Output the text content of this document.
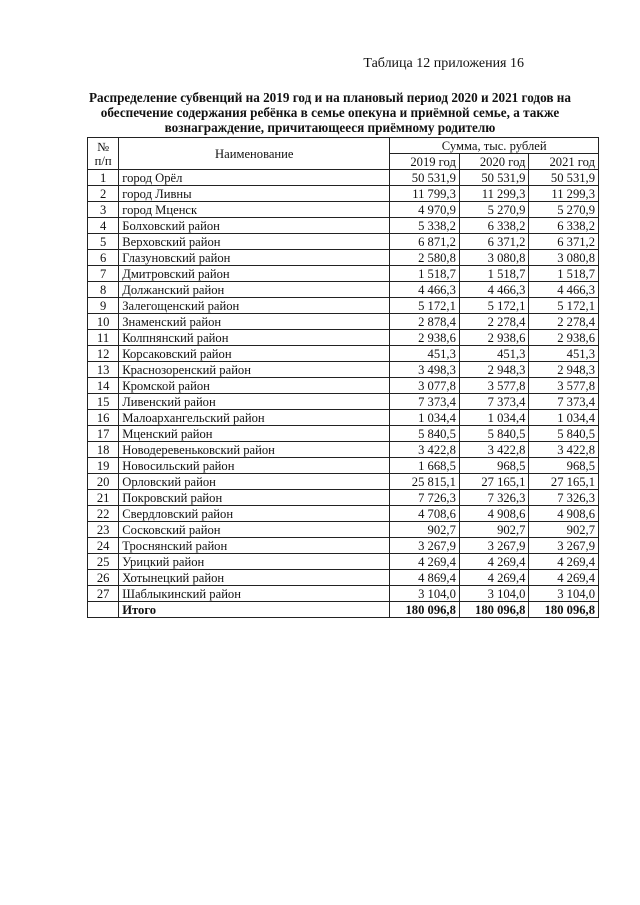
Таблица 12 приложения 16
Распределение субвенций на 2019 год и на плановый период 2020 и 2021 годов на
обеспечение содержания ребёнка в семье опекуна и приёмной семье, а также
вознаграждение, причитающееся приёмному родителю
№
п/п	Наименование	Сумма, тыс. рублей		
		2019 год	2020 год	2021 год
1	город Орёл	50 531,9	50 531,9	50 531,9
2	город Ливны	11 799,3	11 299,3	11 299,3
3	город Мценск	4 970,9	5 270,9	5 270,9
4	Болховский район	5 338,2	6 338,2	6 338,2
5	Верховский район	6 871,2	6 371,2	6 371,2
6	Глазуновский район	2 580,8	3 080,8	3 080,8
7	Дмитровский район	1 518,7	1 518,7	1 518,7
8	Должанский район	4 466,3	4 466,3	4 466,3
9	Залегощенский район	5 172,1	5 172,1	5 172,1
10	Знаменский район	2 878,4	2 278,4	2 278,4
11	Колпнянский район	2 938,6	2 938,6	2 938,6
12	Корсаковский район	451,3	451,3	451,3
13	Краснозоренский район	3 498,3	2 948,3	2 948,3
14	Кромской район	3 077,8	3 577,8	3 577,8
15	Ливенский район	7 373,4	7 373,4	7 373,4
16	Малоархангельский район	1 034,4	1 034,4	1 034,4
17	Мценский район	5 840,5	5 840,5	5 840,5
18	Новодеревеньковский район	3 422,8	3 422,8	3 422,8
19	Новосильский район	1 668,5	968,5	968,5
20	Орловский район	25 815,1	27 165,1	27 165,1
21	Покровский район	7 726,3	7 326,3	7 326,3
22	Свердловский район	4 708,6	4 908,6	4 908,6
23	Сосковский район	902,7	902,7	902,7
24	Троснянский район	3 267,9	3 267,9	3 267,9
25	Урицкий район	4 269,4	4 269,4	4 269,4
26	Хотынецкий район	4 869,4	4 269,4	4 269,4
27	Шаблыкинский район	3 104,0	3 104,0	3 104,0
	Итого	180 096,8	180 096,8	180 096,8
